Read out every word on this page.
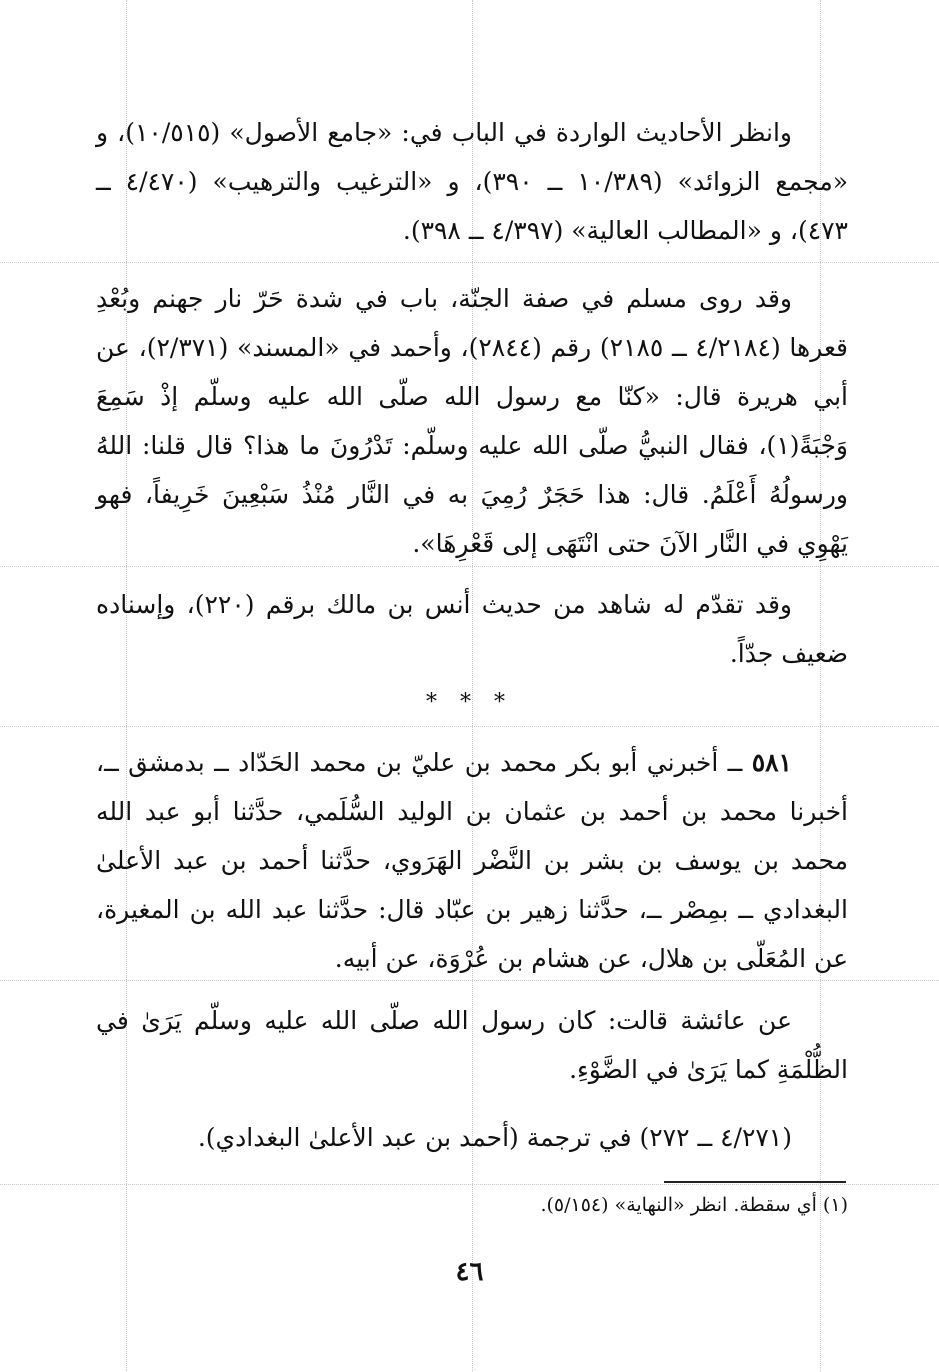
وانظر الأحاديث الواردة في الباب في: «جامع الأصول» (١٠/٥١٥)، و «مجمع الزوائد» (١٠/٣٨٩ ــ ٣٩٠)، و «الترغيب والترهيب» (٤/٤٧٠ ــ ٤٧٣)، و «المطالب العالية» (٤/٣٩٧ ــ ٣٩٨).

وقد روى مسلم في صفة الجنّة، باب في شدة حَرّ نار جهنم وبُعْدِ قعرها (٤/٢١٨٤ ــ ٢١٨٥) رقم (٢٨٤٤)، وأحمد في «المسند» (٢/٣٧١)، عن أبي هريرة قال: «كنّا مع رسول الله صلّى الله عليه وسلّم إذْ سَمِعَ وَجْبَةً(١)، فقال النبيُّ صلّى الله عليه وسلّم: تَدْرُونَ ما هذا؟ قال قلنا: اللهُ ورسولُهُ أَعْلَمُ. قال: هذا حَجَرٌ رُمِيَ به في النَّار مُنْذُ سَبْعِينَ خَرِيفاً، فهو يَهْوِي في النَّار الآنَ حتى انْتَهَى إلى قَعْرِهَا».

وقد تقدّم له شاهد من حديث أنس بن مالك برقم (٢٢٠)، وإسناده ضعيف جدّاً.

* * *

٥٨١ ــ أخبرني أبو بكر محمد بن عليّ بن محمد الحَدّاد ــ بدمشق ــ، أخبرنا محمد بن أحمد بن عثمان بن الوليد السُّلَمي، حدَّثنا أبو عبد الله محمد بن يوسف بن بشر بن النَّضْر الهَرَوي، حدَّثنا أحمد بن عبد الأعلىٰ البغدادي ــ بمِصْر ــ، حدَّثنا زهير بن عبّاد قال: حدَّثنا عبد الله بن المغيرة، عن المُعَلّى بن هلال، عن هشام بن عُرْوَة، عن أبيه.

عن عائشة قالت: كان رسول الله صلّى الله عليه وسلّم يَرَىٰ في الظُّلْمَةِ كما يَرَىٰ في الضَّوْءِ.

(٤/٢٧١ ــ ٢٧٢) في ترجمة (أحمد بن عبد الأعلىٰ البغدادي).
(١) أي سقطة. انظر «النهاية» (٥/١٥٤).
٤٦
